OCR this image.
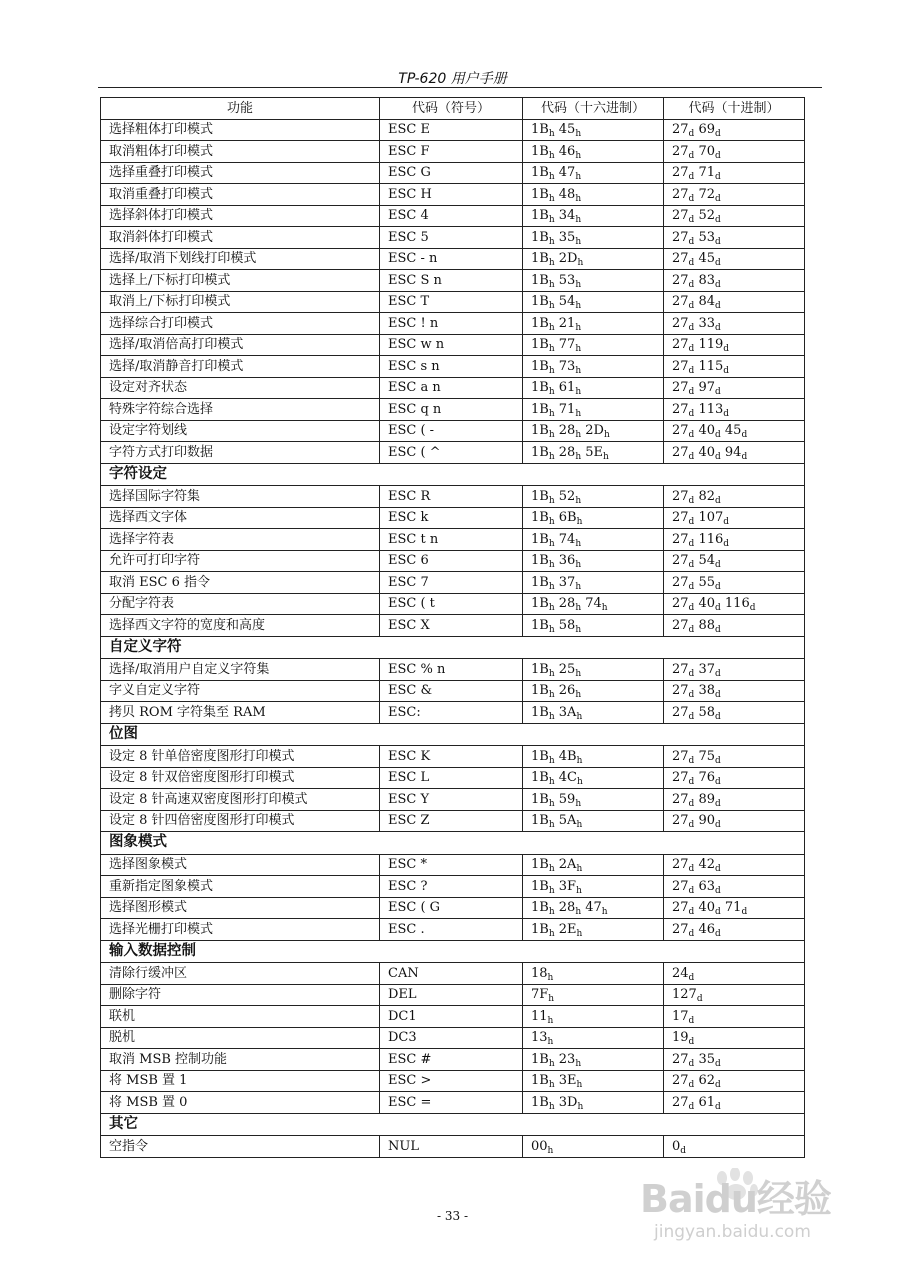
TP-620 用户手册
功能	代码（符号）	代码（十六进制）	代码（十进制）
选择粗体打印模式	ESC E	$1B_h$ $45_h$	$27_d$ $69_d$
取消粗体打印模式	ESC F	$1B_h$ $46_h$	$27_d$ $70_d$
选择重叠打印模式	ESC G	$1B_h$ $47_h$	$27_d$ $71_d$
取消重叠打印模式	ESC H	$1B_h$ $48_h$	$27_d$ $72_d$
选择斜体打印模式	ESC 4	$1B_h$ $34_h$	$27_d$ $52_d$
取消斜体打印模式	ESC 5	$1B_h$ $35_h$	$27_d$ $53_d$
选择/取消下划线打印模式	ESC - n	$1B_h$ $2D_h$	$27_d$ $45_d$
选择上/下标打印模式	ESC S n	$1B_h$ $53_h$	$27_d$ $83_d$
取消上/下标打印模式	ESC T	$1B_h$ $54_h$	$27_d$ $84_d$
选择综合打印模式	ESC ! n	$1B_h$ $21_h$	$27_d$ $33_d$
选择/取消倍高打印模式	ESC w n	$1B_h$ $77_h$	$27_d$ $119_d$
选择/取消静音打印模式	ESC s n	$1B_h$ $73_h$	$27_d$ $115_d$
设定对齐状态	ESC a n	$1B_h$ $61_h$	$27_d$ $97_d$
特殊字符综合选择	ESC q n	$1B_h$ $71_h$	$27_d$ $113_d$
设定字符划线	ESC ( -	$1B_h$ $28_h$ $2D_h$	$27_d$ $40_d$ $45_d$
字符方式打印数据	ESC ( ^	$1B_h$ $28_h$ $5E_h$	$27_d$ $40_d$ $94_d$
字符设定			
选择国际字符集	ESC R	$1B_h$ $52_h$	$27_d$ $82_d$
选择西文字体	ESC k	$1B_h$ $6B_h$	$27_d$ $107_d$
选择字符表	ESC t n	$1B_h$ $74_h$	$27_d$ $116_d$
允许可打印字符	ESC 6	$1B_h$ $36_h$	$27_d$ $54_d$
取消 ESC 6 指令	ESC 7	$1B_h$ $37_h$	$27_d$ $55_d$
分配字符表	ESC ( t	$1B_h$ $28_h$ $74_h$	$27_d$ $40_d$ $116_d$
选择西文字符的宽度和高度	ESC X	$1B_h$ $58_h$	$27_d$ $88_d$
自定义字符			
选择/取消用户自定义字符集	ESC % n	$1B_h$ $25_h$	$27_d$ $37_d$
字义自定义字符	ESC &	$1B_h$ $26_h$	$27_d$ $38_d$
拷贝 ROM 字符集至 RAM	ESC:	$1B_h$ $3A_h$	$27_d$ $58_d$
位图			
设定 8 针单倍密度图形打印模式	ESC K	$1B_h$ $4B_h$	$27_d$ $75_d$
设定 8 针双倍密度图形打印模式	ESC L	$1B_h$ $4C_h$	$27_d$ $76_d$
设定 8 针高速双密度图形打印模式	ESC Y	$1B_h$ $59_h$	$27_d$ $89_d$
设定 8 针四倍密度图形打印模式	ESC Z	$1B_h$ $5A_h$	$27_d$ $90_d$
图象模式			
选择图象模式	ESC *	$1B_h$ $2A_h$	$27_d$ $42_d$
重新指定图象模式	ESC ?	$1B_h$ $3F_h$	$27_d$ $63_d$
选择图形模式	ESC ( G	$1B_h$ $28_h$ $47_h$	$27_d$ $40_d$ $71_d$
选择光栅打印模式	ESC .	$1B_h$ $2E_h$	$27_d$ $46_d$
输入数据控制			
清除行缓冲区	CAN	$18_h$	$24_d$
删除字符	DEL	$7F_h$	$127_d$
联机	DC1	$11_h$	$17_d$
脱机	DC3	$13_h$	$19_d$
取消 MSB 控制功能	ESC #	$1B_h$ $23_h$	$27_d$ $35_d$
将 MSB 置 1	ESC >	$1B_h$ $3E_h$	$27_d$ $62_d$
将 MSB 置 0	ESC =	$1B_h$ $3D_h$	$27_d$ $61_d$
其它			
空指令	NUL	$00_h$	$0_d$
- 33 -	Baidu经验
jingyan.baidu.com
